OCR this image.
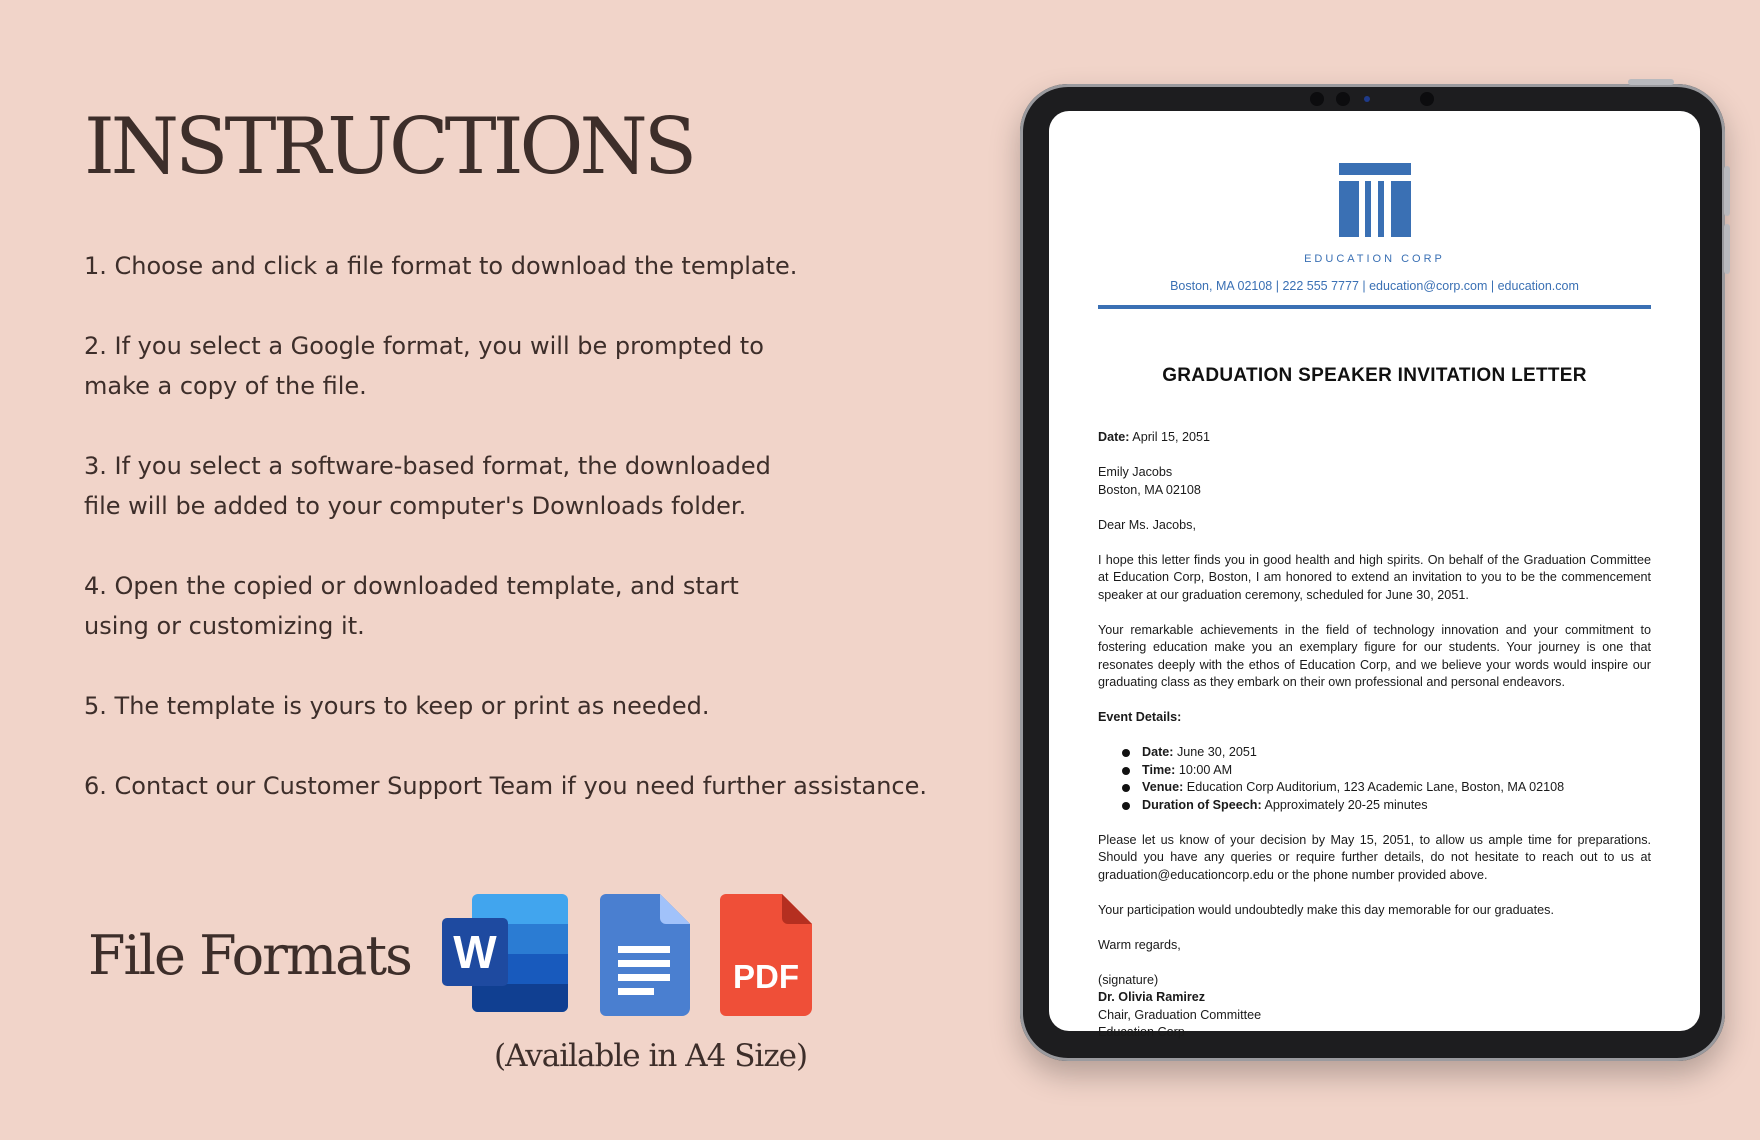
INSTRUCTIONS
1. Choose and click a file format to download the template.
2. If you select a Google format, you will be prompted to
make a copy of the file.
3. If you select a software-based format, the downloaded
file will be added to your computer's Downloads folder.
4. Open the copied or downloaded template, and start
using or customizing it.
5. The template is yours to keep or print as needed.
6. Contact our Customer Support Team if you need further assistance.
File Formats W	PDF
(Available in A4 Size)
EDUCATION CORP
Boston, MA 02108 | 222 555 7777 | education@corp.com | education.com
GRADUATION SPEAKER INVITATION LETTER

Date: April 15, 2051

Emily Jacobs
Boston, MA 02108

Dear Ms. Jacobs,

I hope this letter finds you in good health and high spirits. On behalf of the Graduation Committee at Education Corp, Boston, I am honored to extend an invitation to you to be the commencement speaker at our graduation ceremony, scheduled for June 30, 2051.

Your remarkable achievements in the field of technology innovation and your commitment to fostering education make you an exemplary figure for our students. Your journey is one that resonates deeply with the ethos of Education Corp, and we believe your words would inspire our graduating class as they embark on their own professional and personal endeavors.

Event Details:

Date: June 30, 2051
Time: 10:00 AM
Venue: Education Corp Auditorium, 123 Academic Lane, Boston, MA 02108
Duration of Speech: Approximately 20-25 minutes

Please let us know of your decision by May 15, 2051, to allow us ample time for preparations. Should you have any queries or require further details, do not hesitate to reach out to us at graduation@educationcorp.edu or the phone number provided above.

Your participation would undoubtedly make this day memorable for our graduates.

Warm regards,

(signature)
Dr. Olivia Ramirez
Chair, Graduation Committee
Education Corp
